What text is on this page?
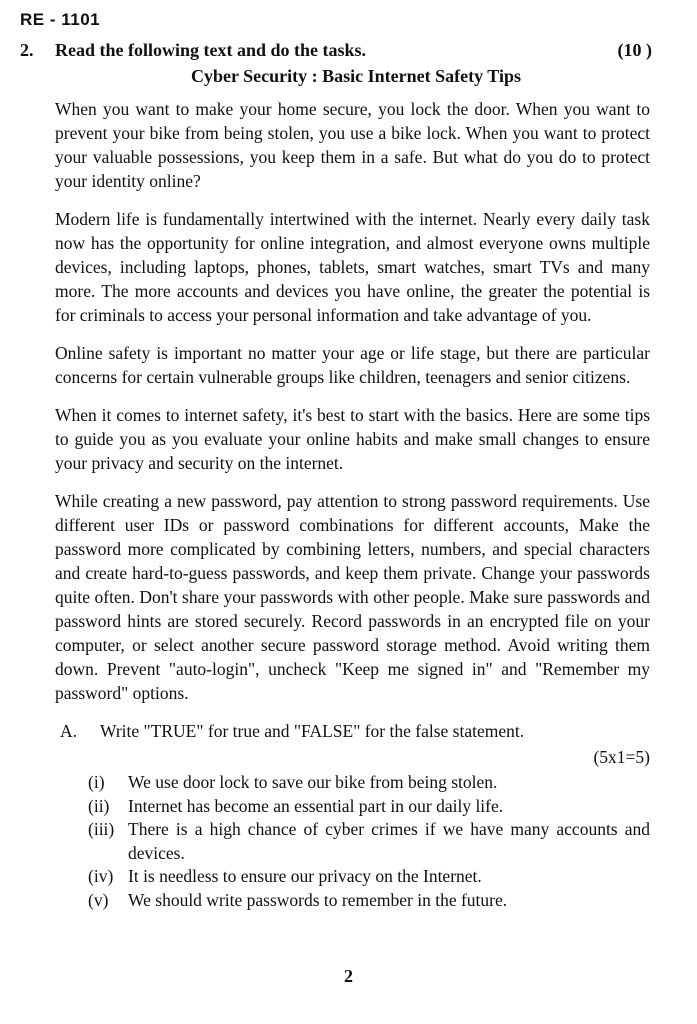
RE - 1101
2.	Read the following text and do the tasks.	(10 )
Cyber Security : Basic Internet Safety Tips

When you want to make your home secure, you lock the door. When you want to prevent your bike from being stolen, you use a bike lock. When you want to protect your valuable possessions, you keep them in a safe. But what do you do to protect your identity online?

Modern life is fundamentally intertwined with the internet. Nearly every daily task now has the opportunity for online integration, and almost everyone owns multiple devices, including laptops, phones, tablets, smart watches, smart TVs and many more. The more accounts and devices you have online, the greater the potential is for criminals to access your personal information and take advantage of you.

Online safety is important no matter your age or life stage, but there are particular concerns for certain vulnerable groups like children, teenagers and senior citizens.

When it comes to internet safety, it's best to start with the basics. Here are some tips to guide you as you evaluate your online habits and make small changes to ensure your privacy and security on the internet.

While creating a new password, pay attention to strong password requirements. Use different user IDs or password combinations for different accounts, Make the password more complicated by combining letters, numbers, and special characters and create hard-to-guess passwords, and keep them private. Change your passwords quite often. Don't share your passwords with other people. Make sure passwords and password hints are stored securely. Record passwords in an encrypted file on your computer, or select another secure password storage method. Avoid writing them down. Prevent "auto-login", uncheck "Keep me signed in" and "Remember my password" options.

A.	Write "TRUE" for true and "FALSE" for the false statement.
(5x1=5)
(i)	We use door lock to save our bike from being stolen.
(ii)	Internet has become an essential part in our daily life.
(iii) There is a high chance of cyber crimes if we have many accounts and devices.
(iv) It is needless to ensure our privacy on the Internet.
(v)	We should write passwords to remember in the future.
2
